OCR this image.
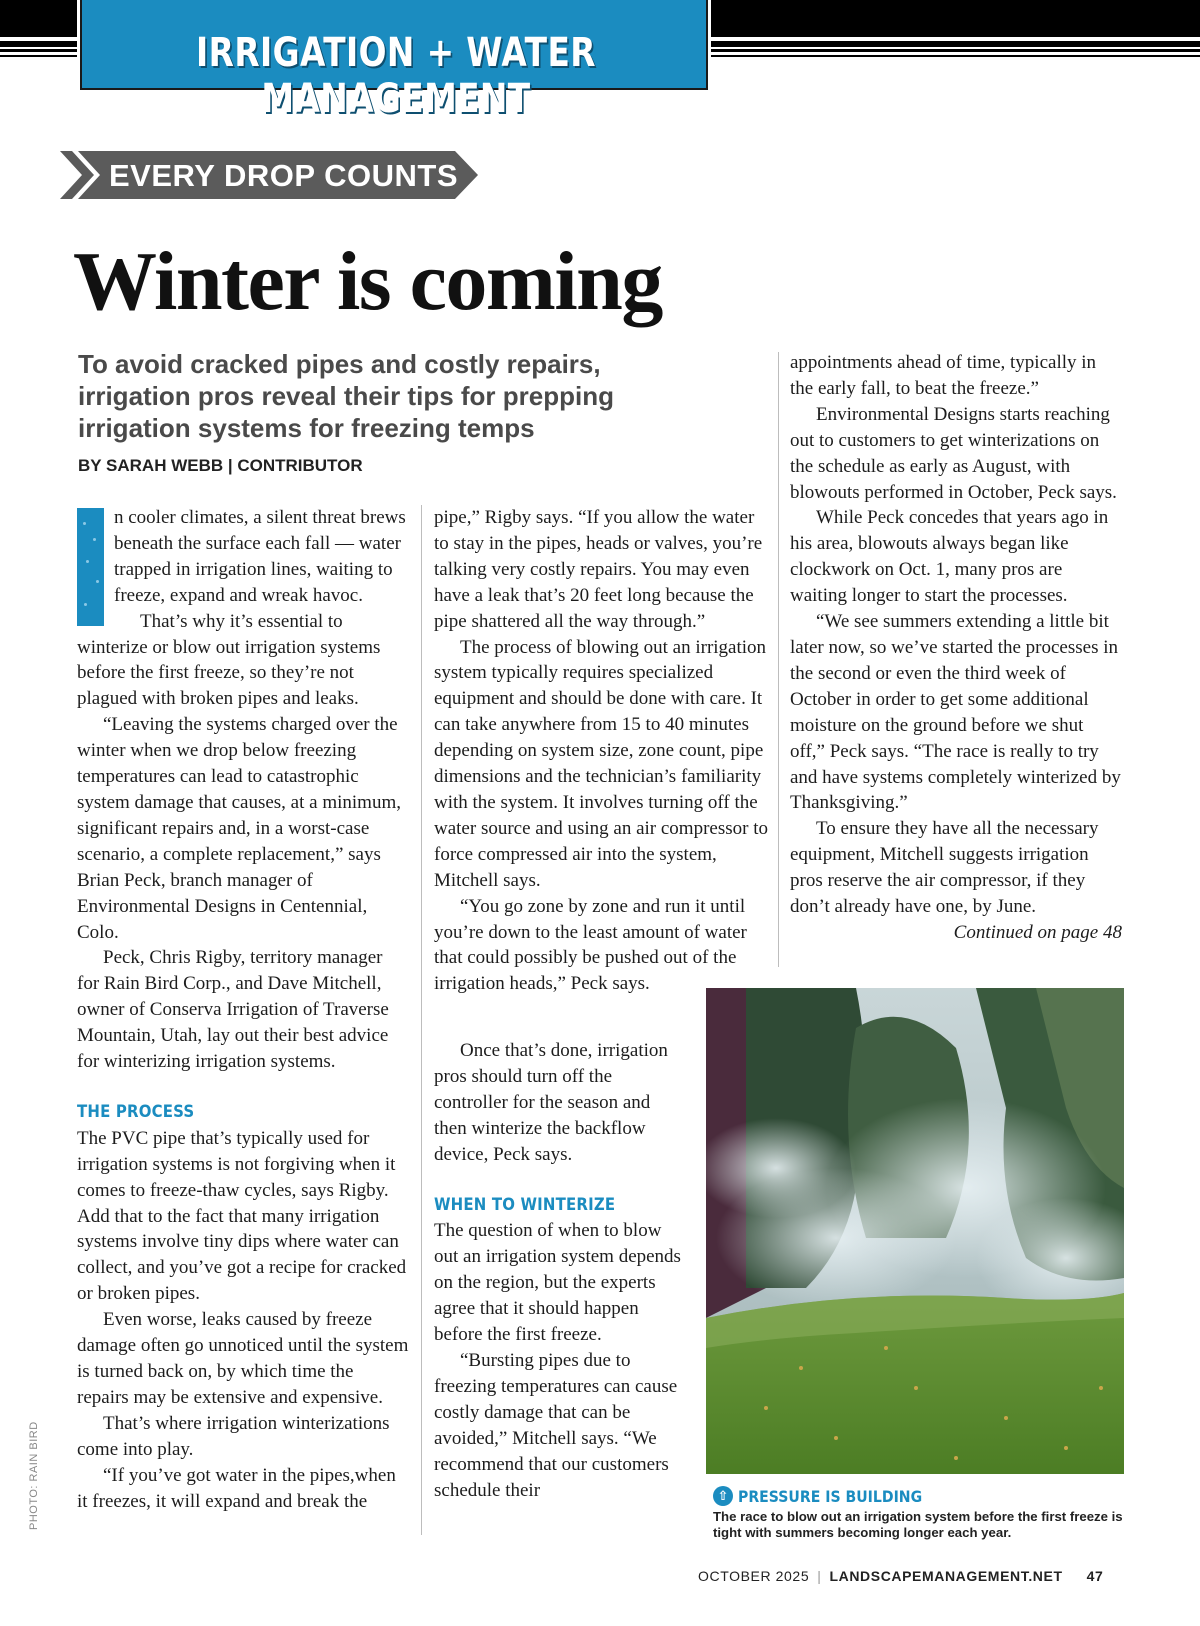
IRRIGATION + WATER MANAGEMENT
EVERY DROP COUNTS
Winter is coming
To avoid cracked pipes and costly repairs, irrigation pros reveal their tips for prepping irrigation systems for freezing temps
BY SARAH WEBB | CONTRIBUTOR

n cooler climates, a silent threat brews beneath the surface each fall — water trapped in irrigation lines, waiting to freeze, expand and wreak havoc.

That’s why it’s essential to winterize or blow out irrigation systems before the first freeze, so they’re not plagued with broken pipes and leaks.

“Leaving the systems charged over the winter when we drop below freezing temperatures can lead to catastrophic system damage that causes, at a minimum, significant repairs and, in a worst-case scenario, a complete replacement,” says Brian Peck, branch manager of Environmental Designs in Centennial, Colo.

Peck, Chris Rigby, territory manager for Rain Bird Corp., and Dave Mitchell, owner of Conserva Irrigation of Traverse Mountain, Utah, lay out their best advice for winterizing irrigation systems.

THE PROCESS

The PVC pipe that’s typically used for irrigation systems is not forgiving when it comes to freeze-thaw cycles, says Rigby. Add that to the fact that many irrigation systems involve tiny dips where water can collect, and you’ve got a recipe for cracked or broken pipes.

Even worse, leaks caused by freeze damage often go unnoticed until the system is turned back on, by which time the repairs may be extensive and expensive.

That’s where irrigation winterizations come into play.

“If you’ve got water in the pipes,when it freezes, it will expand and break the

pipe,” Rigby says. “If you allow the water to stay in the pipes, heads or valves, you’re talking very costly repairs. You may even have a leak that’s 20 feet long because the pipe shattered all the way through.”

The process of blowing out an irrigation system typically requires specialized equipment and should be done with care. It can take anywhere from 15 to 40 minutes depending on system size, zone count, pipe dimensions and the technician’s familiarity with the system. It involves turning off the water source and using an air compressor to force compressed air into the system, Mitchell says.

“You go zone by zone and run it until you’re down to the least amount of water that could possibly be pushed out of the irrigation heads,” Peck says.

Once that’s done, irrigation pros should turn off the controller for the season and then winterize the backflow device, Peck says.

WHEN TO WINTERIZE

The question of when to blow out an irrigation system depends on the region, but the experts agree that it should happen before the first freeze.

“Bursting pipes due to freezing temperatures can cause costly damage that can be avoided,” Mitchell says. “We recommend that our customers schedule their

appointments ahead of time, typically in the early fall, to beat the freeze.”

Environmental Designs starts reaching out to customers to get winterizations on the schedule as early as August, with blowouts performed in October, Peck says.

While Peck concedes that years ago in his area, blowouts always began like clockwork on Oct. 1, many pros are waiting longer to start the processes.

“We see summers extending a little bit later now, so we’ve started the processes in the second or even the third week of October in order to get some additional moisture on the ground before we shut off,” Peck says. “The race is really to try and have systems completely winterized by Thanksgiving.”

To ensure they have all the necessary equipment, Mitchell suggests irrigation pros reserve the air compressor, if they don’t already have one, by June.

Continued on page 48

⇧ PRESSURE IS BUILDING
The race to blow out an irrigation system before the first freeze is tight with summers becoming longer each year.
PHOTO: RAIN BIRD
OCTOBER 2025 | LANDSCAPEMANAGEMENT.NET 47
